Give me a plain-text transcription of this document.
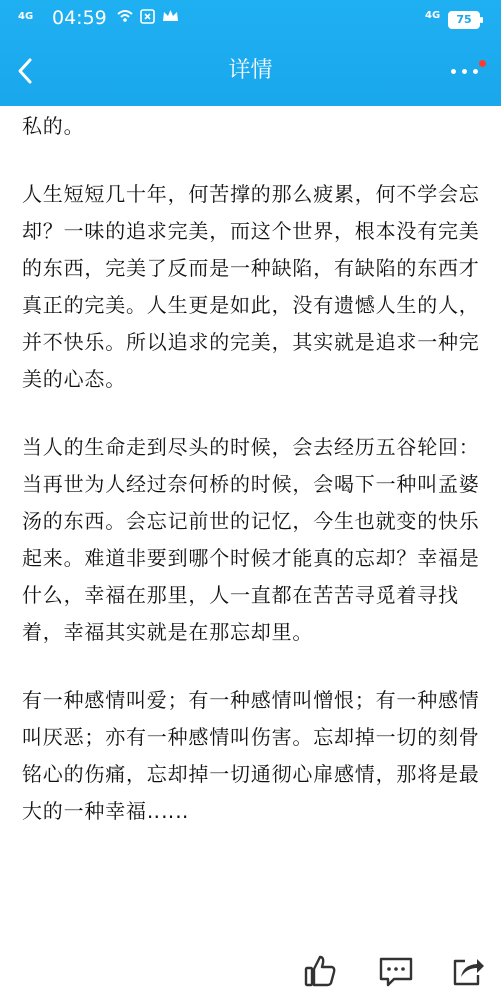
4G 04:59	4G	75
详情

私的。

人生短短几十年，何苦撑的那么疲累，何不学会忘却？一味的追求完美，而这个世界，根本没有完美的东西，完美了反而是一种缺陷，有缺陷的东西才真正的完美。人生更是如此，没有遗憾人生的人，并不快乐。所以追求的完美，其实就是追求一种完美的心态。

当人的生命走到尽头的时候，会去经历五谷轮回：当再世为人经过奈何桥的时候，会喝下一种叫孟婆汤的东西。会忘记前世的记忆，今生也就变的快乐起来。难道非要到哪个时候才能真的忘却？幸福是什么，幸福在那里，人一直都在苦苦寻觅着寻找着，幸福其实就是在那忘却里。

有一种感情叫爱；有一种感情叫憎恨；有一种感情叫厌恶；亦有一种感情叫伤害。忘却掉一切的刻骨铭心的伤痛，忘却掉一切通彻心扉感情，那将是最大的一种幸福‥‥‥
